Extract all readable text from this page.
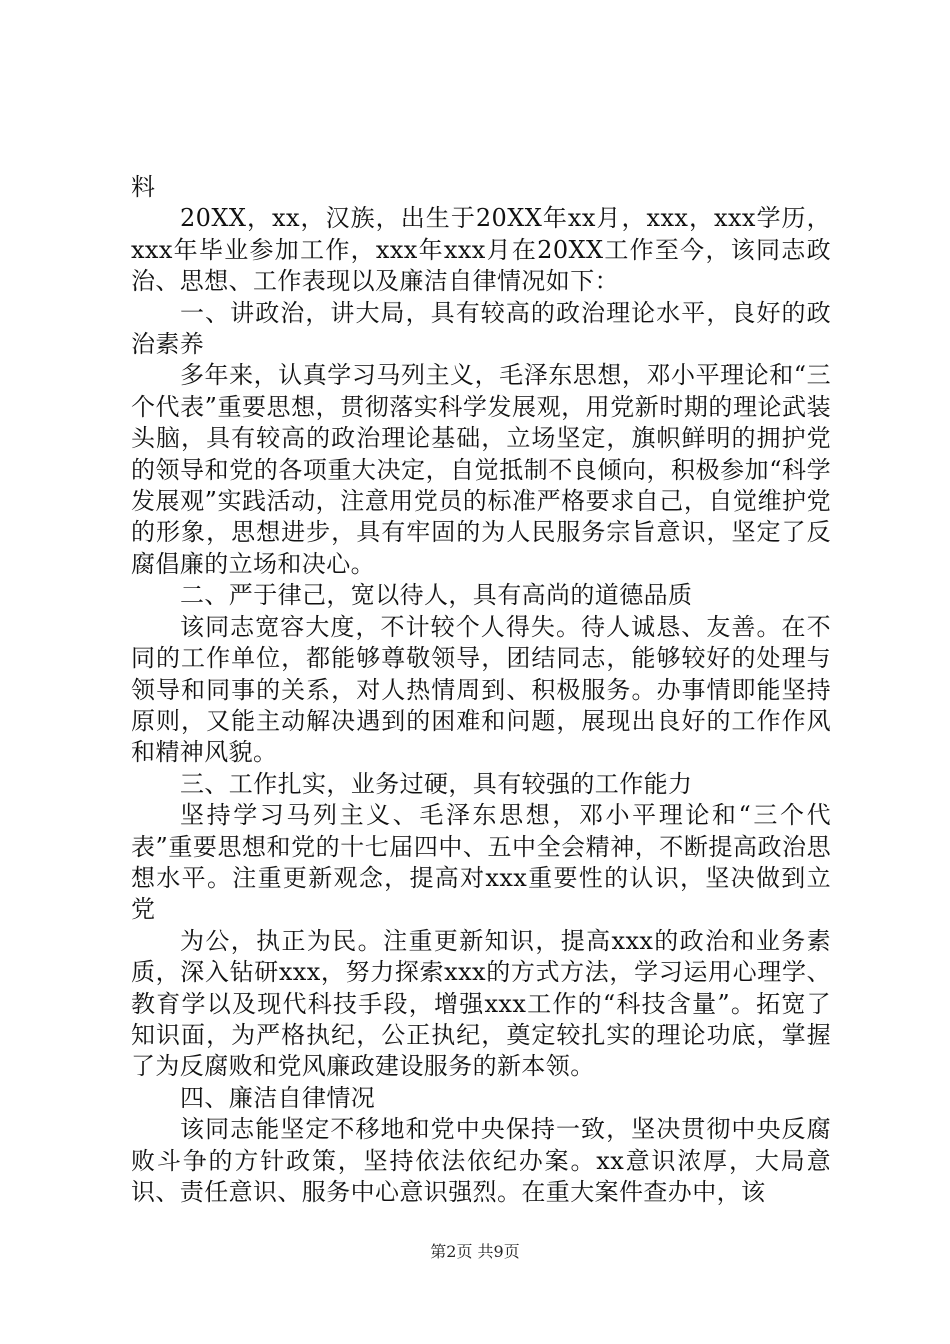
料

20XX，xx，汉族，出生于20XX年xx月，xxx，xxx学历，xxx年毕业参加工作，xxx年xxx月在20XX工作至今，该同志政治、思想、工作表现以及廉洁自律情况如下：

一、讲政治，讲大局，具有较高的政治理论水平，良好的政治素养

多年来，认真学习马列主义，毛泽东思想，邓小平理论和“三个代表”重要思想，贯彻落实科学发展观，用党新时期的理论武装头脑，具有较高的政治理论基础，立场坚定，旗帜鲜明的拥护党的领导和党的各项重大决定，自觉抵制不良倾向，积极参加“科学发展观”实践活动，注意用党员的标准严格要求自己，自觉维护党的形象，思想进步，具有牢固的为人民服务宗旨意识，坚定了反腐倡廉的立场和决心。

二、严于律己，宽以待人，具有高尚的道德品质

该同志宽容大度，不计较个人得失。待人诚恳、友善。在不同的工作单位，都能够尊敬领导，团结同志，能够较好的处理与领导和同事的关系，对人热情周到、积极服务。办事情即能坚持原则，又能主动解决遇到的困难和问题，展现出良好的工作作风和精神风貌。

三、工作扎实，业务过硬，具有较强的工作能力

坚持学习马列主义、毛泽东思想，邓小平理论和“三个代表”重要思想和党的十七届四中、五中全会精神，不断提高政治思想水平。注重更新观念，提高对xxx重要性的认识，坚决做到立党

为公，执正为民。注重更新知识，提高xxx的政治和业务素质，深入钻研xxx，努力探索xxx的方式方法，学习运用心理学、教育学以及现代科技手段，增强xxx工作的“科技含量”。拓宽了知识面，为严格执纪，公正执纪，奠定较扎实的理论功底，掌握了为反腐败和党风廉政建设服务的新本领。

四、廉洁自律情况

该同志能坚定不移地和党中央保持一致，坚决贯彻中央反腐败斗争的方针政策，坚持依法依纪办案。xx意识浓厚，大局意识、责任意识、服务中心意识强烈。在重大案件查办中，该

第2页 共9页
